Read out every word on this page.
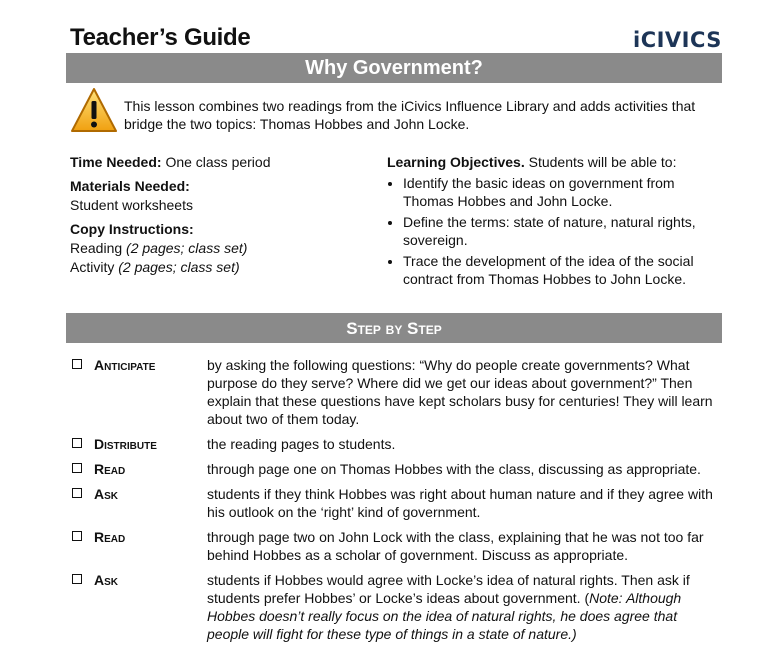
Teacher’s Guide	iCIVICS
Why Government?
This lesson combines two readings from the iCivics Influence Library and adds activities that bridge the two topics: Thomas Hobbes and John Locke.

Time Needed: One class period

Materials Needed:

Student worksheets

Copy Instructions:

Reading (2 pages; class set)

Activity (2 pages; class set)

Learning Objectives. Students will be able to:
• Identify the basic ideas on government from Thomas Hobbes and John Locke.
• Define the terms: state of nature, natural rights, sovereign.
• Trace the development of the idea of the social contract from Thomas Hobbes to John Locke.
Step by Step
Anticipate	by asking the following questions: “Why do people create governments? What purpose do they serve? Where did we get our ideas about government?” Then explain that these questions have kept scholars busy for centuries! They will learn about two of them today.
Distribute	the reading pages to students.
Read	through page one on Thomas Hobbes with the class, discussing as appropriate.
Ask	students if they think Hobbes was right about human nature and if they agree with his outlook on the ‘right’ kind of government.
Read	through page two on John Lock with the class, explaining that he was not too far behind Hobbes as a scholar of government. Discuss as appropriate.
Ask	students if Hobbes would agree with Locke’s idea of natural rights. Then ask if students prefer Hobbes’ or Locke’s ideas about government. (Note: Although Hobbes doesn’t really focus on the idea of natural rights, he does agree that people will fight for these type of things in a state of nature.)
